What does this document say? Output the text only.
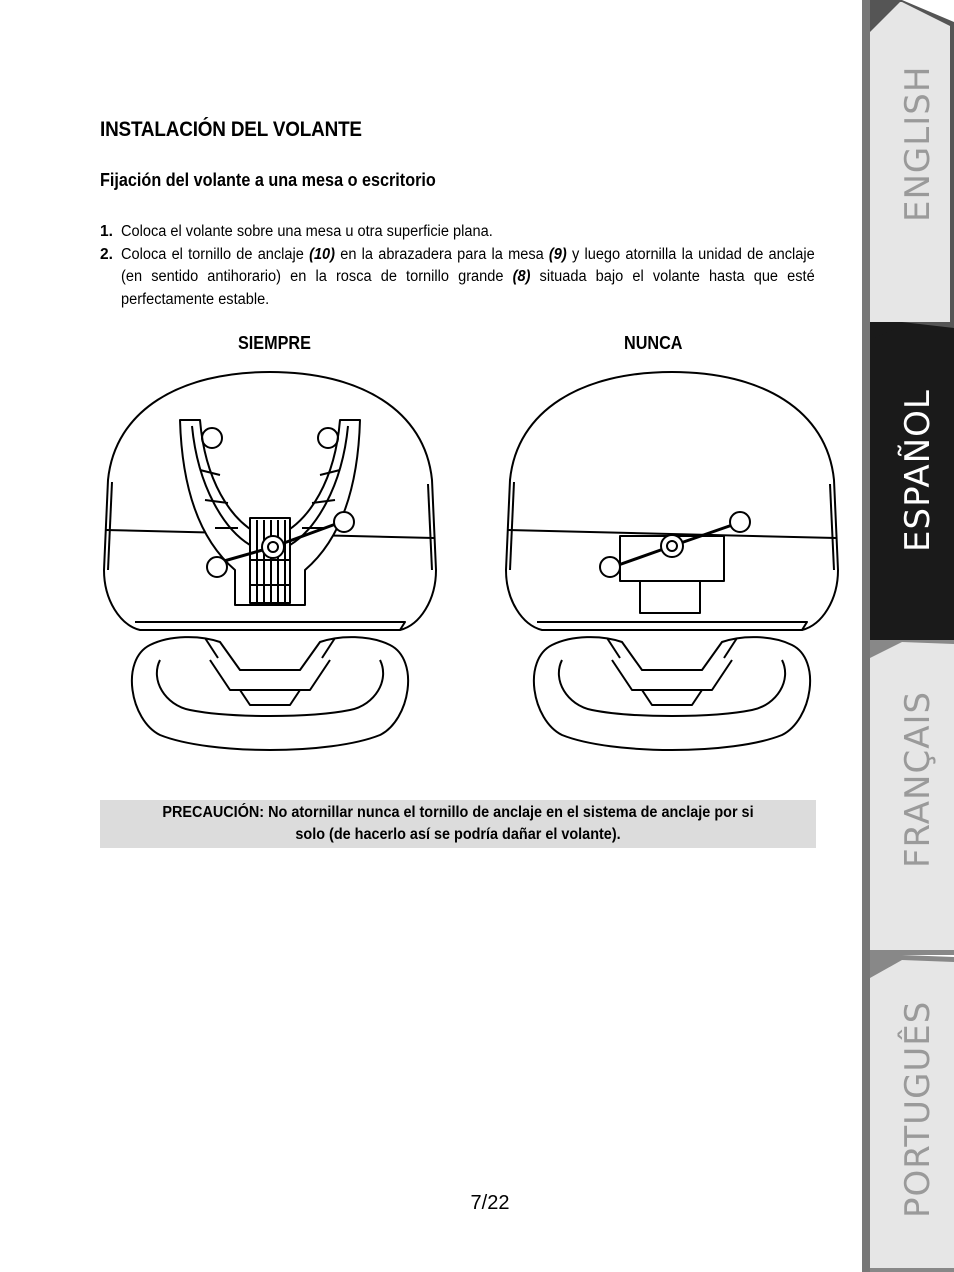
INSTALACIÓN DEL VOLANTE
Fijación del volante a una mesa o escritorio
1. Coloca el volante sobre una mesa u otra superficie plana.
2. Coloca el tornillo de anclaje (10) en la abrazadera para la mesa (9) y luego atornilla la unidad de anclaje (en sentido antihorario) en la rosca de tornillo grande (8) situada bajo el volante hasta que esté perfectamente estable.
SIEMPRE	NUNCA
PRECAUCIÓN: No atornillar nunca el tornillo de anclaje en el sistema de anclaje por si
solo (de hacerlo así se podría dañar el volante).
7/22
ENGLISH
ESPAÑOL
FRANÇAIS
PORTUGUÊS
